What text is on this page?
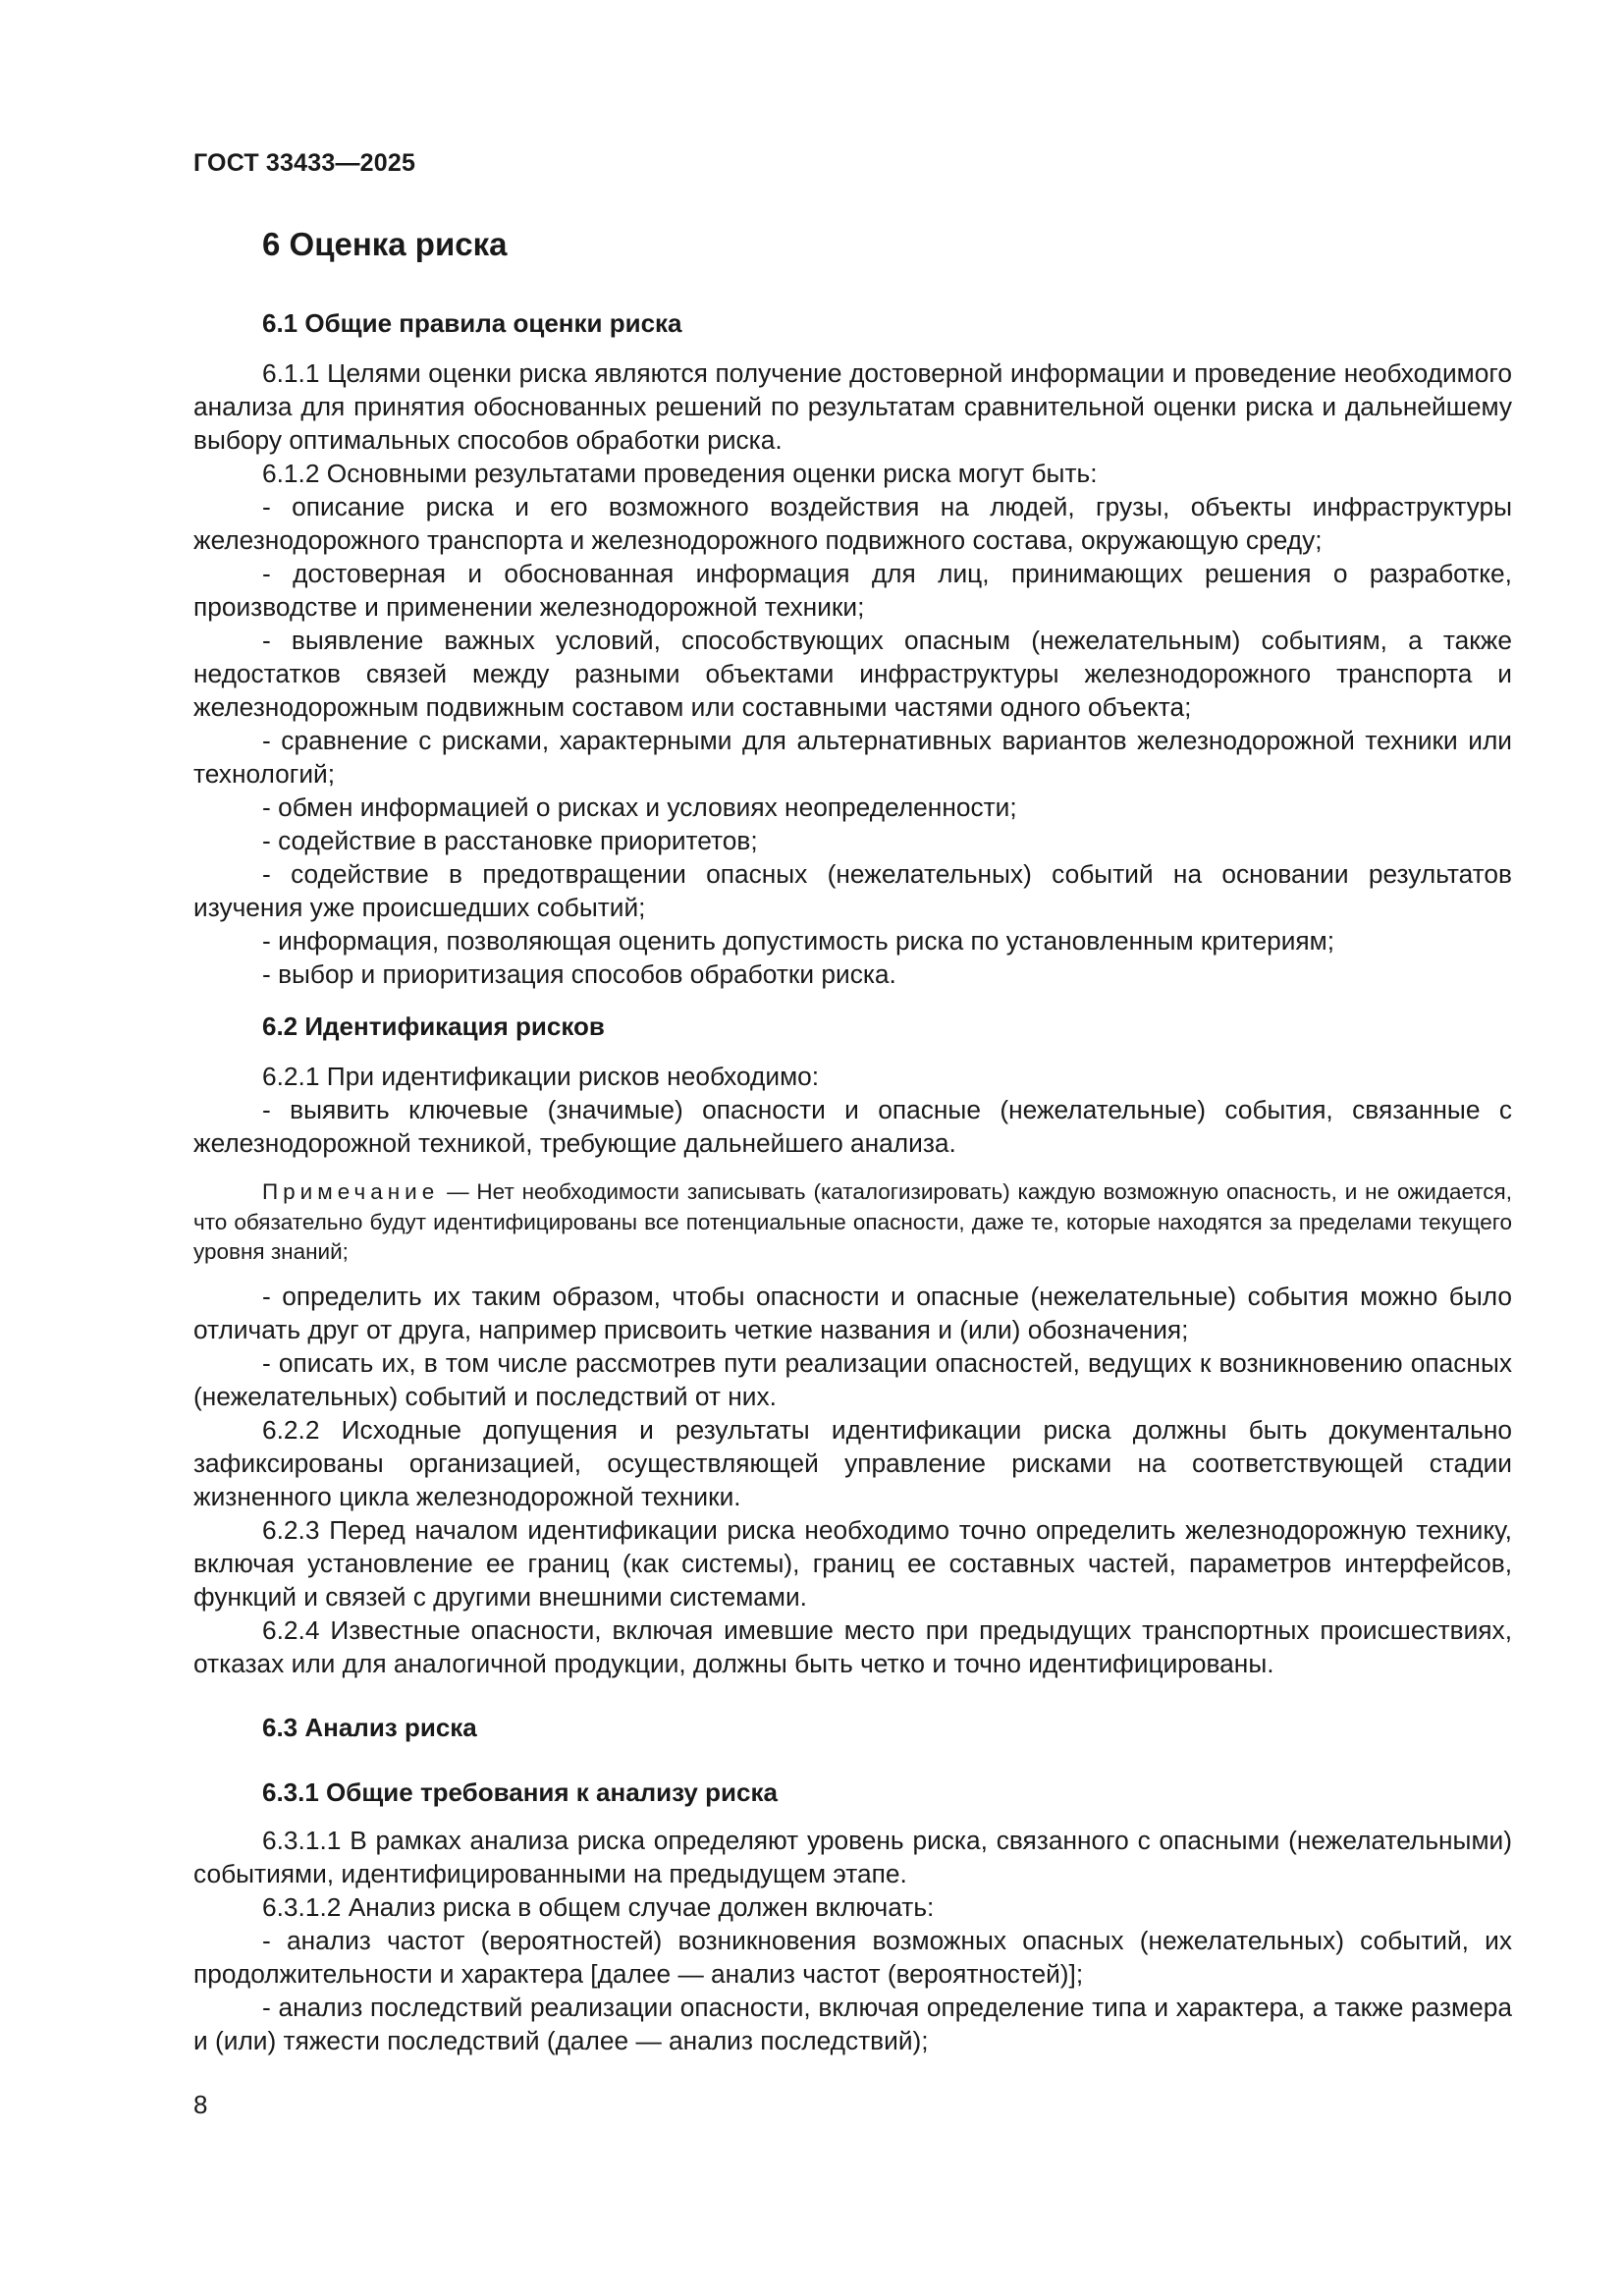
ГОСТ 33433—2025
6 Оценка риска
6.1 Общие правила оценки риска

6.1.1 Целями оценки риска являются получение достоверной информации и проведение необходимого анализа для принятия обоснованных решений по результатам сравнительной оценки риска и дальнейшему выбору оптимальных способов обработки риска.

6.1.2 Основными результатами проведения оценки риска могут быть:

- описание риска и его возможного воздействия на людей, грузы, объекты инфраструктуры железнодорожного транспорта и железнодорожного подвижного состава, окружающую среду;

- достоверная и обоснованная информация для лиц, принимающих решения о разработке, производстве и применении железнодорожной техники;

- выявление важных условий, способствующих опасным (нежелательным) событиям, а также недостатков связей между разными объектами инфраструктуры железнодорожного транспорта и железнодорожным подвижным составом или составными частями одного объекта;

- сравнение с рисками, характерными для альтернативных вариантов железнодорожной техники или технологий;

- обмен информацией о рисках и условиях неопределенности;

- содействие в расстановке приоритетов;

- содействие в предотвращении опасных (нежелательных) событий на основании результатов изучения уже происшедших событий;

- информация, позволяющая оценить допустимость риска по установленным критериям;

- выбор и приоритизация способов обработки риска.

6.2 Идентификация рисков

6.2.1 При идентификации рисков необходимо:

- выявить ключевые (значимые) опасности и опасные (нежелательные) события, связанные с железнодорожной техникой, требующие дальнейшего анализа.

Примечание — Нет необходимости записывать (каталогизировать) каждую возможную опасность, и не ожидается, что обязательно будут идентифицированы все потенциальные опасности, даже те, которые находятся за пределами текущего уровня знаний;

- определить их таким образом, чтобы опасности и опасные (нежелательные) события можно было отличать друг от друга, например присвоить четкие названия и (или) обозначения;

- описать их, в том числе рассмотрев пути реализации опасностей, ведущих к возникновению опасных (нежелательных) событий и последствий от них.

6.2.2 Исходные допущения и результаты идентификации риска должны быть документально зафиксированы организацией, осуществляющей управление рисками на соответствующей стадии жизненного цикла железнодорожной техники.

6.2.3 Перед началом идентификации риска необходимо точно определить железнодорожную технику, включая установление ее границ (как системы), границ ее составных частей, параметров интерфейсов, функций и связей с другими внешними системами.

6.2.4 Известные опасности, включая имевшие место при предыдущих транспортных происшествиях, отказах или для аналогичной продукции, должны быть четко и точно идентифицированы.

6.3 Анализ риска
6.3.1 Общие требования к анализу риска

6.3.1.1 В рамках анализа риска определяют уровень риска, связанного с опасными (нежелательными) событиями, идентифицированными на предыдущем этапе.

6.3.1.2 Анализ риска в общем случае должен включать:

- анализ частот (вероятностей) возникновения возможных опасных (нежелательных) событий, их продолжительности и характера [далее — анализ частот (вероятностей)];

- анализ последствий реализации опасности, включая определение типа и характера, а также размера и (или) тяжести последствий (далее — анализ последствий);

8
